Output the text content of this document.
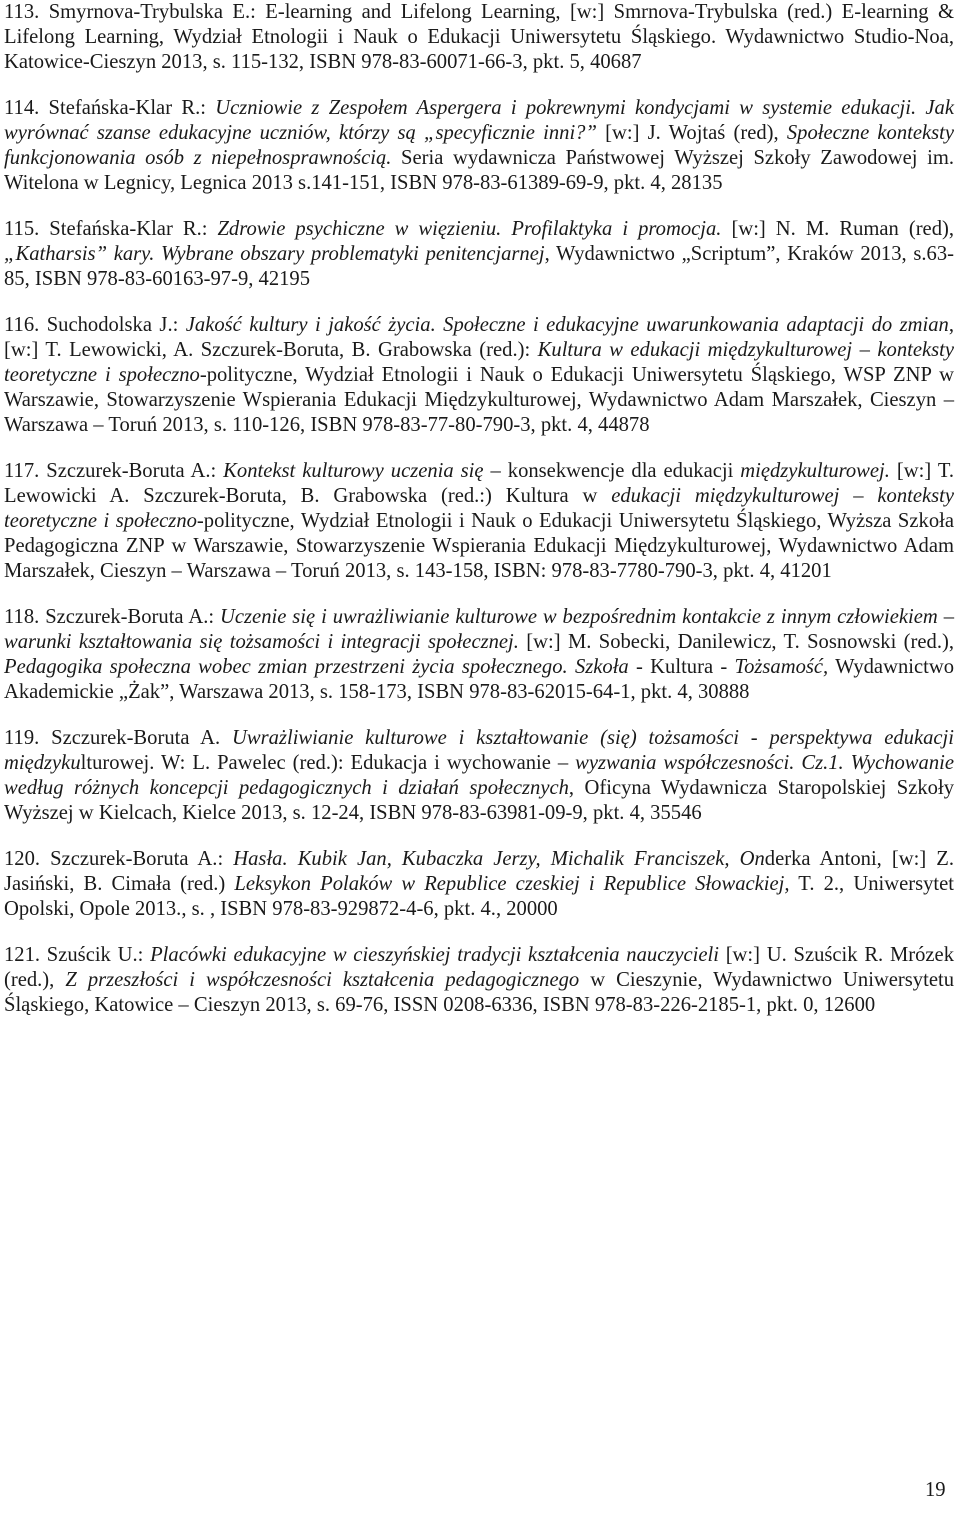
113. Smyrnova-Trybulska E.: E-learning and Lifelong Learning, [w:] Smrnova-Trybulska (red.) E-learning & Lifelong Learning, Wydział Etnologii i Nauk o Edukacji Uniwersytetu Śląskiego. Wydawnictwo Studio-Noa, Katowice-Cieszyn 2013, s. 115-132, ISBN 978-83-60071-66-3, pkt. 5, 40687
114. Stefańska-Klar R.: Uczniowie z Zespołem Aspergera i pokrewnymi kondycjami w systemie edukacji. Jak wyrównać szanse edukacyjne uczniów, którzy są „specyficznie inni?” [w:] J. Wojtaś (red), Społeczne konteksty funkcjonowania osób z niepełnosprawnością. Seria wydawnicza Państwowej Wyższej Szkoły Zawodowej im. Witelona w Legnicy, Legnica 2013 s.141-151, ISBN 978-83-61389-69-9, pkt. 4, 28135
115. Stefańska-Klar R.: Zdrowie psychiczne w więzieniu. Profilaktyka i promocja. [w:] N. M. Ruman (red), „Katharsis” kary. Wybrane obszary problematyki penitencjarnej, Wydawnictwo „Scriptum”, Kraków 2013, s.63-85, ISBN 978-83-60163-97-9, 42195
116. Suchodolska J.: Jakość kultury i jakość życia. Społeczne i edukacyjne uwarunkowania adaptacji do zmian, [w:] T. Lewowicki, A. Szczurek-Boruta, B. Grabowska (red.): Kultura w edukacji międzykulturowej – konteksty teoretyczne i społeczno-polityczne, Wydział Etnologii i Nauk o Edukacji Uniwersytetu Śląskiego, WSP ZNP w Warszawie, Stowarzyszenie Wspierania Edukacji Międzykulturowej, Wydawnictwo Adam Marszałek, Cieszyn – Warszawa – Toruń 2013, s. 110-126, ISBN 978-83-77-80-790-3, pkt. 4, 44878
117. Szczurek-Boruta A.: Kontekst kulturowy uczenia się – konsekwencje dla edukacji międzykulturowej. [w:] T. Lewowicki A. Szczurek-Boruta, B. Grabowska (red.:) Kultura w edukacji międzykulturowej – konteksty teoretyczne i społeczno-polityczne, Wydział Etnologii i Nauk o Edukacji Uniwersytetu Śląskiego, Wyższa Szkoła Pedagogiczna ZNP w Warszawie, Stowarzyszenie Wspierania Edukacji Międzykulturowej, Wydawnictwo Adam Marszałek, Cieszyn – Warszawa – Toruń 2013, s. 143-158, ISBN: 978-83-7780-790-3, pkt. 4, 41201
118. Szczurek-Boruta A.: Uczenie się i uwrażliwianie kulturowe w bezpośrednim kontakcie z innym człowiekiem – warunki kształtowania się tożsamości i integracji społecznej. [w:] M. Sobecki, Danilewicz, T. Sosnowski (red.), Pedagogika społeczna wobec zmian przestrzeni życia społecznego. Szkoła - Kultura - Tożsamość, Wydawnictwo Akademickie „Żak”, Warszawa 2013, s. 158-173, ISBN 978-83-62015-64-1, pkt. 4, 30888
119. Szczurek-Boruta A. Uwrażliwianie kulturowe i kształtowanie (się) tożsamości - perspektywa edukacji międzykulturowej. W: L. Pawelec (red.): Edukacja i wychowanie – wyzwania współczesności. Cz.1. Wychowanie według różnych koncepcji pedagogicznych i działań społecznych, Oficyna Wydawnicza Staropolskiej Szkoły Wyższej w Kielcach, Kielce 2013, s. 12-24, ISBN 978-83-63981-09-9, pkt. 4, 35546
120. Szczurek-Boruta A.: Hasła. Kubik Jan, Kubaczka Jerzy, Michalik Franciszek, Onderka Antoni, [w:] Z. Jasiński, B. Cimała (red.) Leksykon Polaków w Republice czeskiej i Republice Słowackiej, T. 2., Uniwersytet Opolski, Opole 2013., s. , ISBN 978-83-929872-4-6, pkt. 4., 20000
121. Szuścik U.: Placówki edukacyjne w cieszyńskiej tradycji kształcenia nauczycieli [w:] U. Szuścik R. Mrózek (red.), Z przeszłości i współczesności kształcenia pedagogicznego w Cieszynie, Wydawnictwo Uniwersytetu Śląskiego, Katowice – Cieszyn 2013, s. 69-76, ISSN 0208-6336, ISBN 978-83-226-2185-1, pkt. 0, 12600
19
